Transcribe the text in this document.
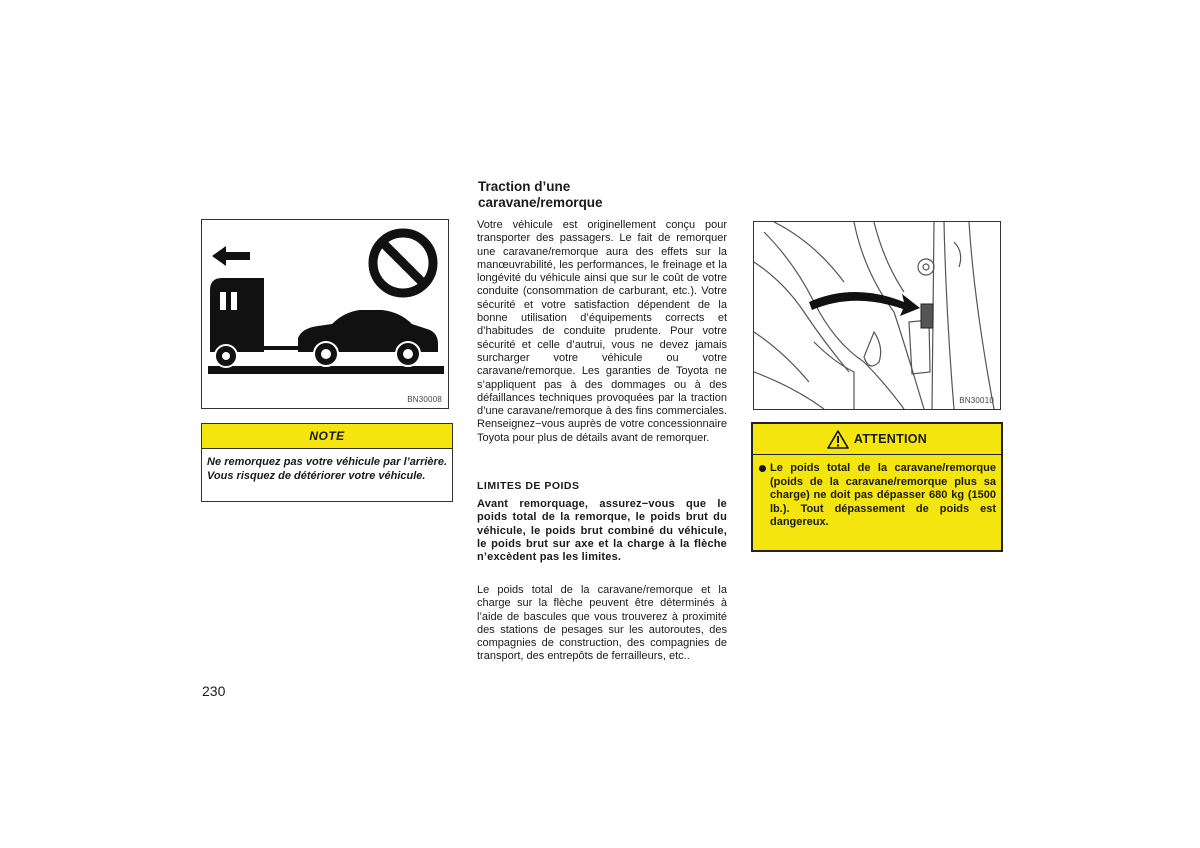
BN30008
NOTE
Ne remorquez pas votre véhicule par l’arrière. Vous risquez de détériorer votre véhicule.
Traction d’une
caravane/remorque
Votre véhicule est originellement conçu pour transporter des passagers. Le fait de remorquer une caravane/remorque aura des effets sur la manœuvrabilité, les performances, le freinage et la longévité du véhicule ainsi que sur le coût de votre conduite (consommation de carburant, etc.). Votre sécurité et votre satisfaction dépendent de la bonne utilisation d’équipements corrects et d’habitudes de conduite prudente. Pour votre sécurité et celle d’autrui, vous ne devez jamais surcharger votre véhicule ou votre caravane/remorque. Les garanties de Toyota ne s’appliquent pas à des dommages ou à des défaillances techniques provoquées par la traction d’une caravane/remorque à des fins commerciales. Renseignez−vous auprès de votre concessionnaire Toyota pour plus de détails avant de remorquer.
LIMITES DE POIDS
Avant remorquage, assurez−vous que le poids total de la remorque, le poids brut du véhicule, le poids brut combiné du véhicule, le poids brut sur axe et la charge à la flèche n’excèdent pas les limites.
Le poids total de la caravane/remorque et la charge sur la flèche peuvent être déterminés à l’aide de bascules que vous trouverez à proximité des stations de pesages sur les autoroutes, des compagnies de construction, des compagnies de transport, des entrepôts de ferrailleurs, etc..
230
BN30010
ATTENTION
Le poids total de la caravane/remorque (poids de la caravane/remorque plus sa charge) ne doit pas dépasser 680 kg (1500 lb.). Tout dépassement de poids est dangereux.
